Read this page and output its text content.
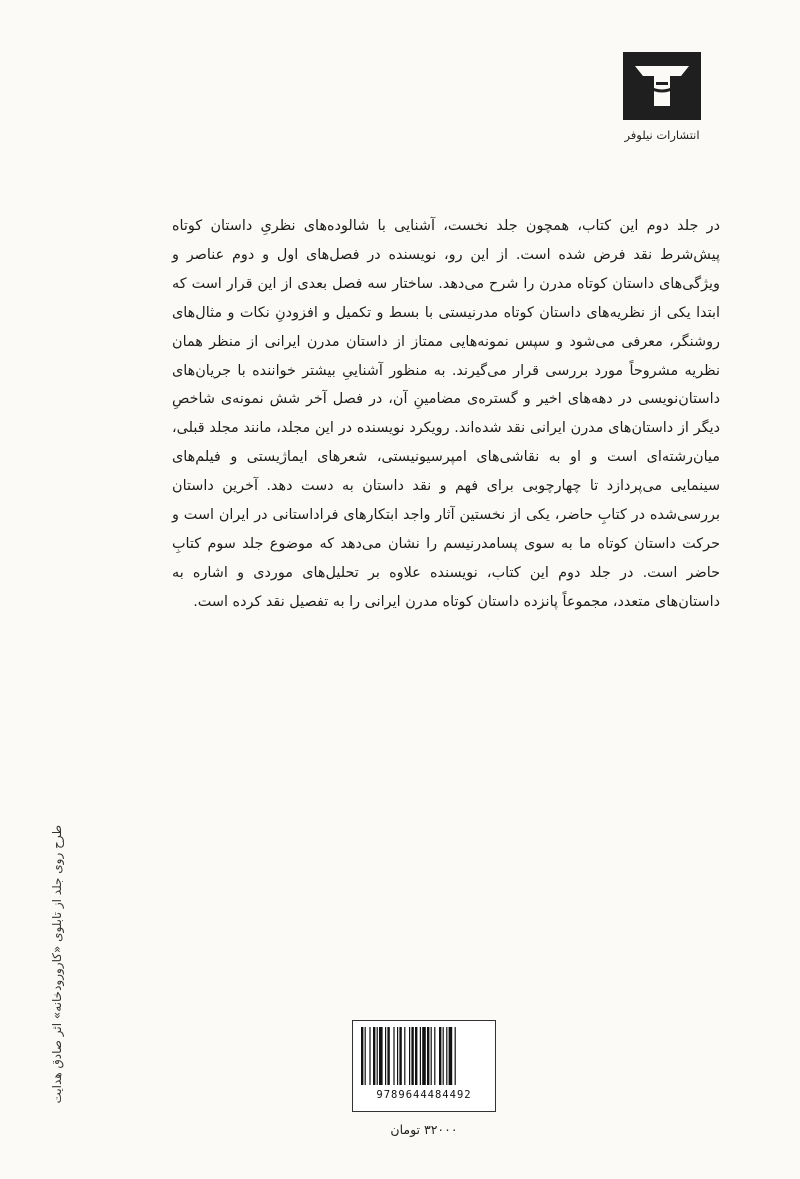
انتشارات نیلوفر

در جلد دوم این کتاب، همچون جلد نخست، آشنایی با شالوده‌های نظریِ داستان کوتاه پیش‌شرط نقد فرض شده است. از این رو، نویسنده در فصل‌های اول و دوم عناصر و ویژگی‌های داستان کوتاه مدرن را شرح می‌دهد. ساختار سه فصل بعدی از این قرار است که ابتدا یکی از نظریه‌های داستان کوتاه مدرنیستی با بسط و تکمیل و افزودنِ نکات و مثال‌های روشنگر، معرفی می‌شود و سپس نمونه‌هایی ممتاز از داستان مدرن ایرانی از منظر همان نظریه مشروحاً مورد بررسی قرار می‌گیرند. به منظور آشناییِ بیشتر خواننده با جریان‌های داستان‌نویسی در دهه‌های اخیر و گستره‌ی مضامینِ آن، در فصل آخر شش نمونه‌ی شاخصِ دیگر از داستان‌های مدرن ایرانی نقد شده‌اند. رویکرد نویسنده در این مجلد، مانند مجلد قبلی، میان‌رشته‌ای است و او به نقاشی‌های امپرسیونیستی، شعرهای ایماژیستی و فیلم‌های سینمایی می‌پردازد تا چهارچوبی برای فهم و نقد داستان به دست دهد. آخرین داستان بررسی‌شده در کتابِ حاضر، یکی از نخستین آثار واجد ابتکارهای فراداستانی در ایران است و حرکت داستان کوتاه ما به سوی پسامدرنیسم را نشان می‌دهد که موضوع جلد سوم کتابِ حاضر است. در جلد دوم این کتاب، نویسنده علاوه بر تحلیل‌های موردی و اشاره به داستان‌های متعدد، مجموعاً پانزده داستان کوتاه مدرن ایرانی را به تفصیل نقد کرده است.

طرح روی جلد از تابلوی «کارورو‌دخانه» اثر صادق هدایت	9789644484492
۳۲۰۰۰ تومان
